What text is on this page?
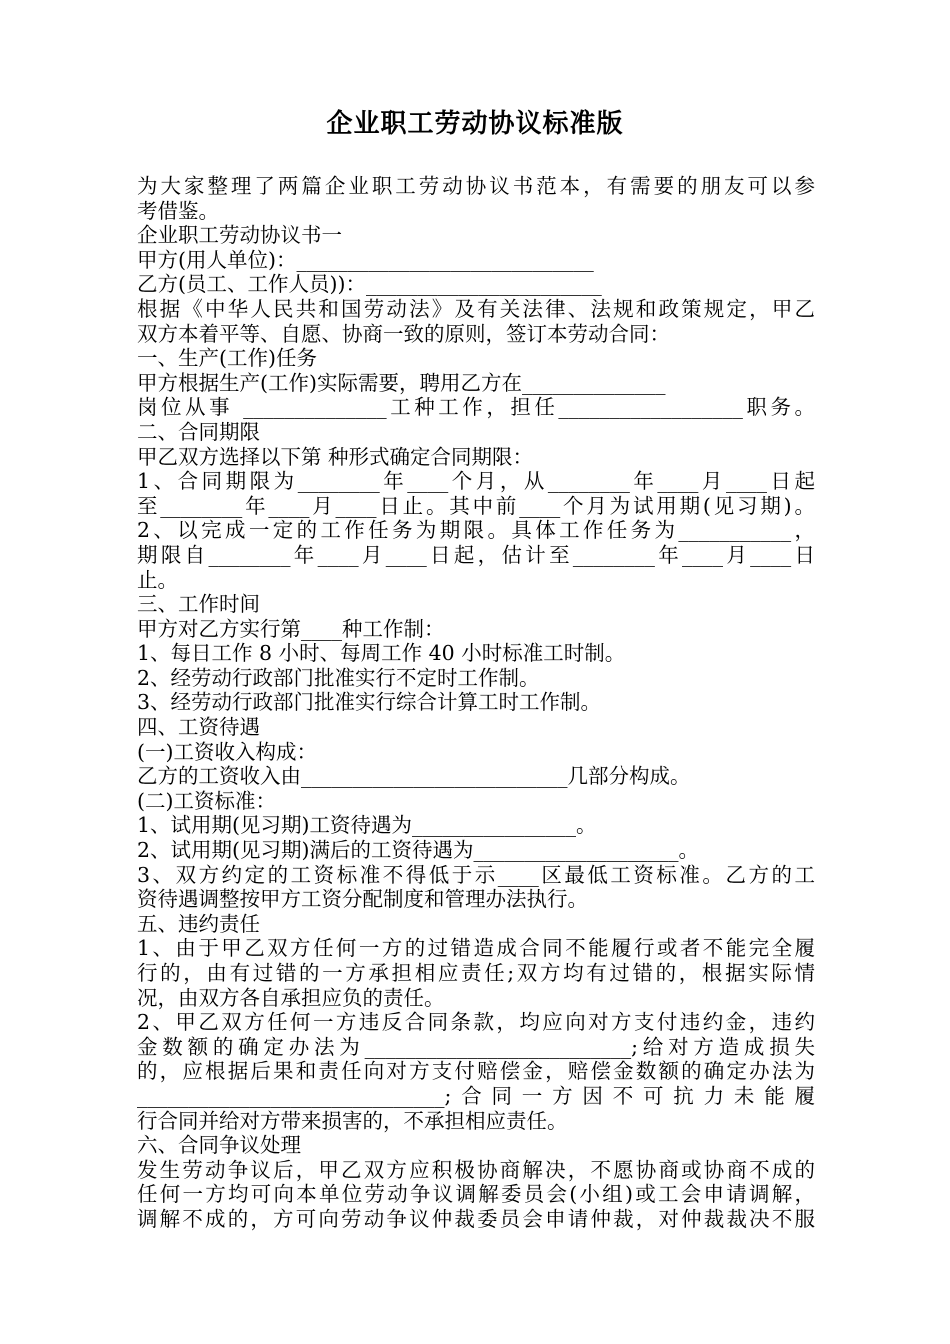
企业职工劳动协议标准版
为大家整理了两篇企业职工劳动协议书范本，有需要的朋友可以参
考借鉴。
企业职工劳动协议书一
甲方(用人单位)：_____________________________
乙方(员工、工作人员))：_______________________
根据《中华人民共和国劳动法》及有关法律、法规和政策规定，甲乙
双方本着平等、自愿、协商一致的原则，签订本劳动合同：
一、生产(工作)任务
甲方根据生产(工作)实际需要，聘用乙方在______________
岗位从事 ______________工种工作，担任__________________职务。
二、合同期限
甲乙双方选择以下第 种形式确定合同期限：
1、合同期限为________年____个月，从________年____月____日起
至________年____月____日止。其中前____个月为试用期(见习期)。
2、以完成一定的工作任务为期限。具体工作任务为___________，
期限自________年____月____日起，估计至________年____月____日
止。
三、工作时间
甲方对乙方实行第____种工作制：
1、每日工作 8 小时、每周工作 40 小时标准工时制。
2、经劳动行政部门批准实行不定时工作制。
3、经劳动行政部门批准实行综合计算工时工作制。
四、工资待遇
(一)工资收入构成：
乙方的工资收入由__________________________几部分构成。
(二)工资标准：
1、试用期(见习期)工资待遇为________________。
2、试用期(见习期)满后的工资待遇为____________________。
3、双方约定的工资标准不得低于示____区最低工资标准。乙方的工
资待遇调整按甲方工资分配制度和管理办法执行。
五、违约责任
1、由于甲乙双方任何一方的过错造成合同不能履行或者不能完全履
行的，由有过错的一方承担相应责任;双方均有过错的，根据实际情
况，由双方各自承担应负的责任。
2、甲乙双方任何一方违反合同条款，均应向对方支付违约金，违约
金数额的确定办法为__________________________;给对方造成损失
的，应根据后果和责任向对方支付赔偿金，赔偿金数额的确定办法为
______________________________;合同一方因不可抗力未能履
行合同并给对方带来损害的，不承担相应责任。
六、合同争议处理
发生劳动争议后，甲乙双方应积极协商解决，不愿协商或协商不成的
任何一方均可向本单位劳动争议调解委员会(小组)或工会申请调解，
调解不成的，方可向劳动争议仲裁委员会申请仲裁，对仲裁裁决不服
